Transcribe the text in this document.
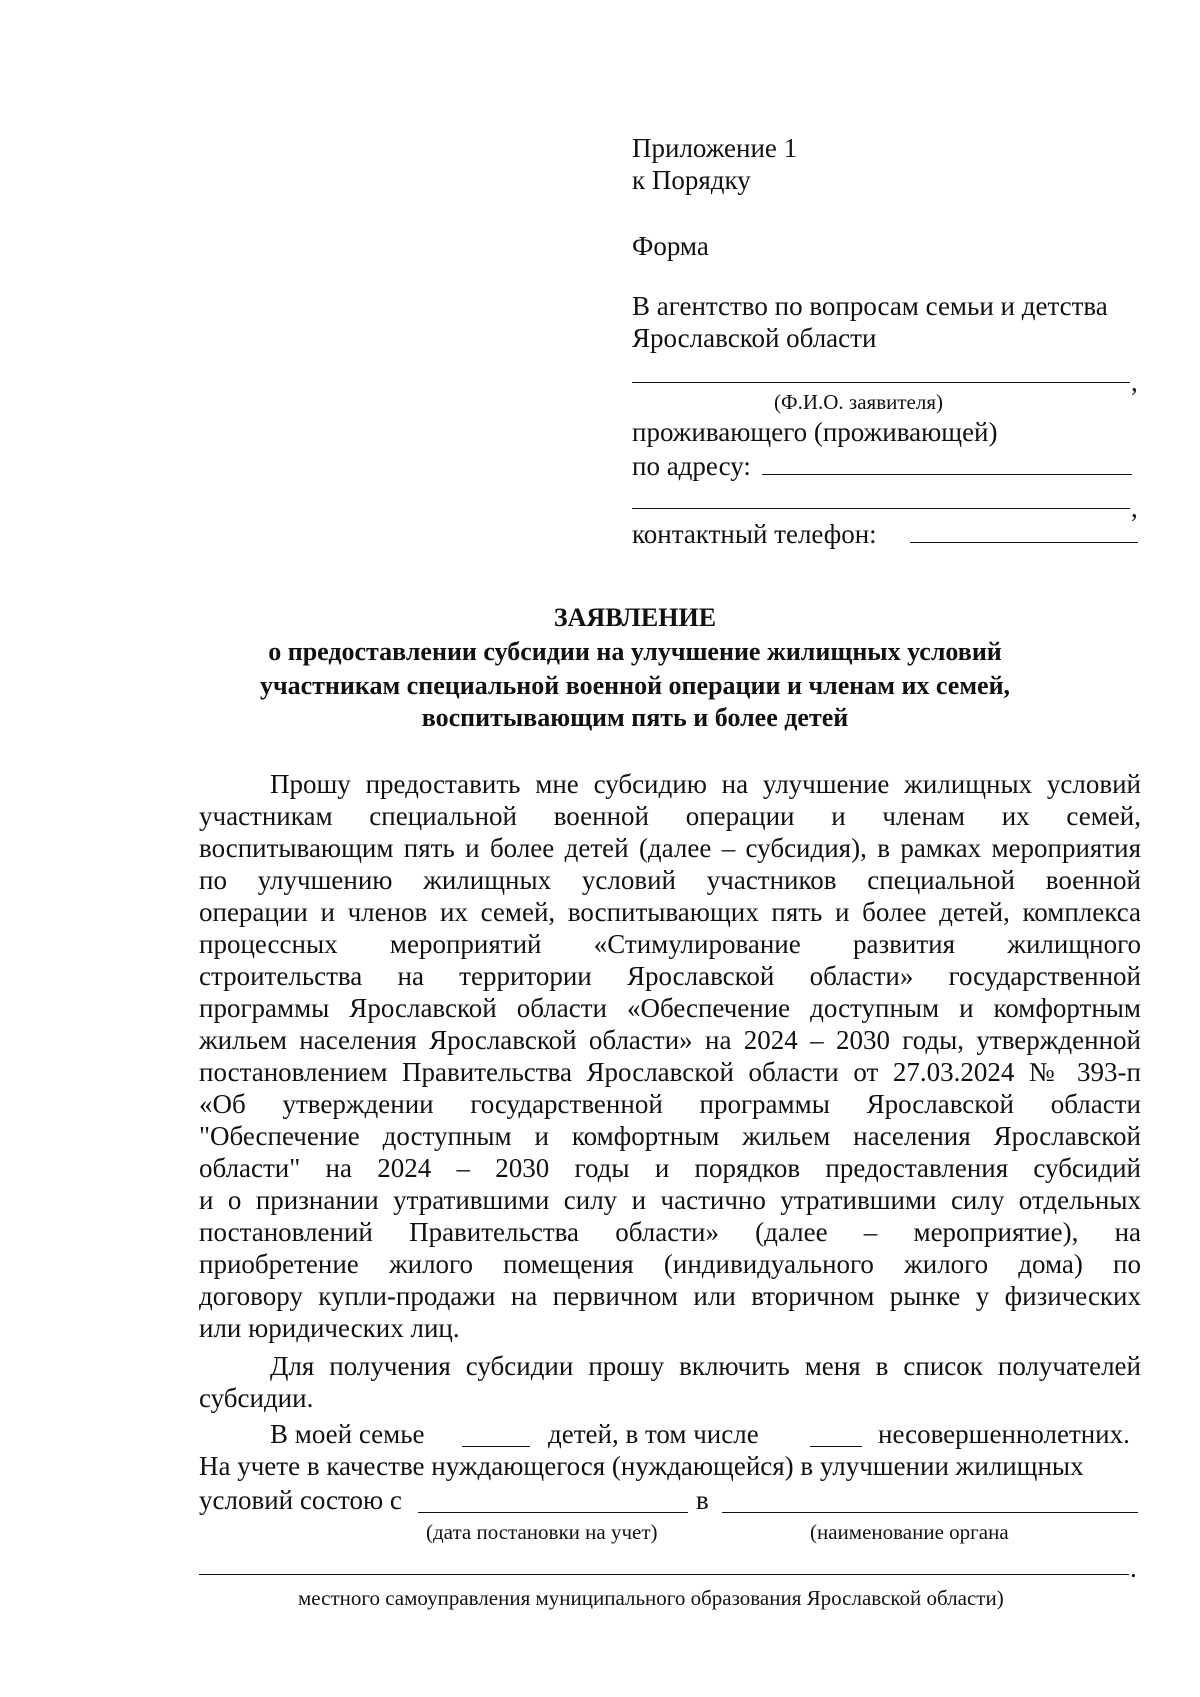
Приложение 1
к Порядку
Форма
В агентство по вопросам семьи и детства
Ярославской области
,
(Ф.И.О. заявителя)
проживающего (проживающей)
по адресу:
,
контактный телефон:
ЗАЯВЛЕНИЕ
о предоставлении субсидии на улучшение жилищных условий
участникам специальной военной операции и членам их семей,
воспитывающим пять и более детей
Прошу предоставить мне субсидию на улучшение жилищных условий
участникам специальной военной операции и членам их семей,
воспитывающим пять и более детей (далее – субсидия), в рамках мероприятия
по улучшению жилищных условий участников специальной военной
операции и членов их семей, воспитывающих пять и более детей, комплекса
процессных мероприятий «Стимулирование развития жилищного
строительства на территории Ярославской области» государственной
программы Ярославской области «Обеспечение доступным и комфортным
жильем населения Ярославской области» на 2024 – 2030 годы, утвержденной
постановлением Правительства Ярославской области от 27.03.2024 № 393-п
«Об утверждении государственной программы Ярославской области
"Обеспечение доступным и комфортным жильем населения Ярославской
области" на 2024 – 2030 годы и порядков предоставления субсидий
и о признании утратившими силу и частично утратившими силу отдельных
постановлений Правительства области» (далее – мероприятие), на
приобретение жилого помещения (индивидуального жилого дома) по
договору купли-продажи на первичном или вторичном рынке у физических
или юридических лиц.
Для получения субсидии прошу включить меня в список получателей
субсидии.
В моей семье	детей, в том числе	несовершеннолетних.
На учете в качестве нуждающегося (нуждающейся) в улучшении жилищных
условий состою с	в
(дата постановки на учет)	(наименование органа
.
местного самоуправления муниципального образования Ярославской области)
